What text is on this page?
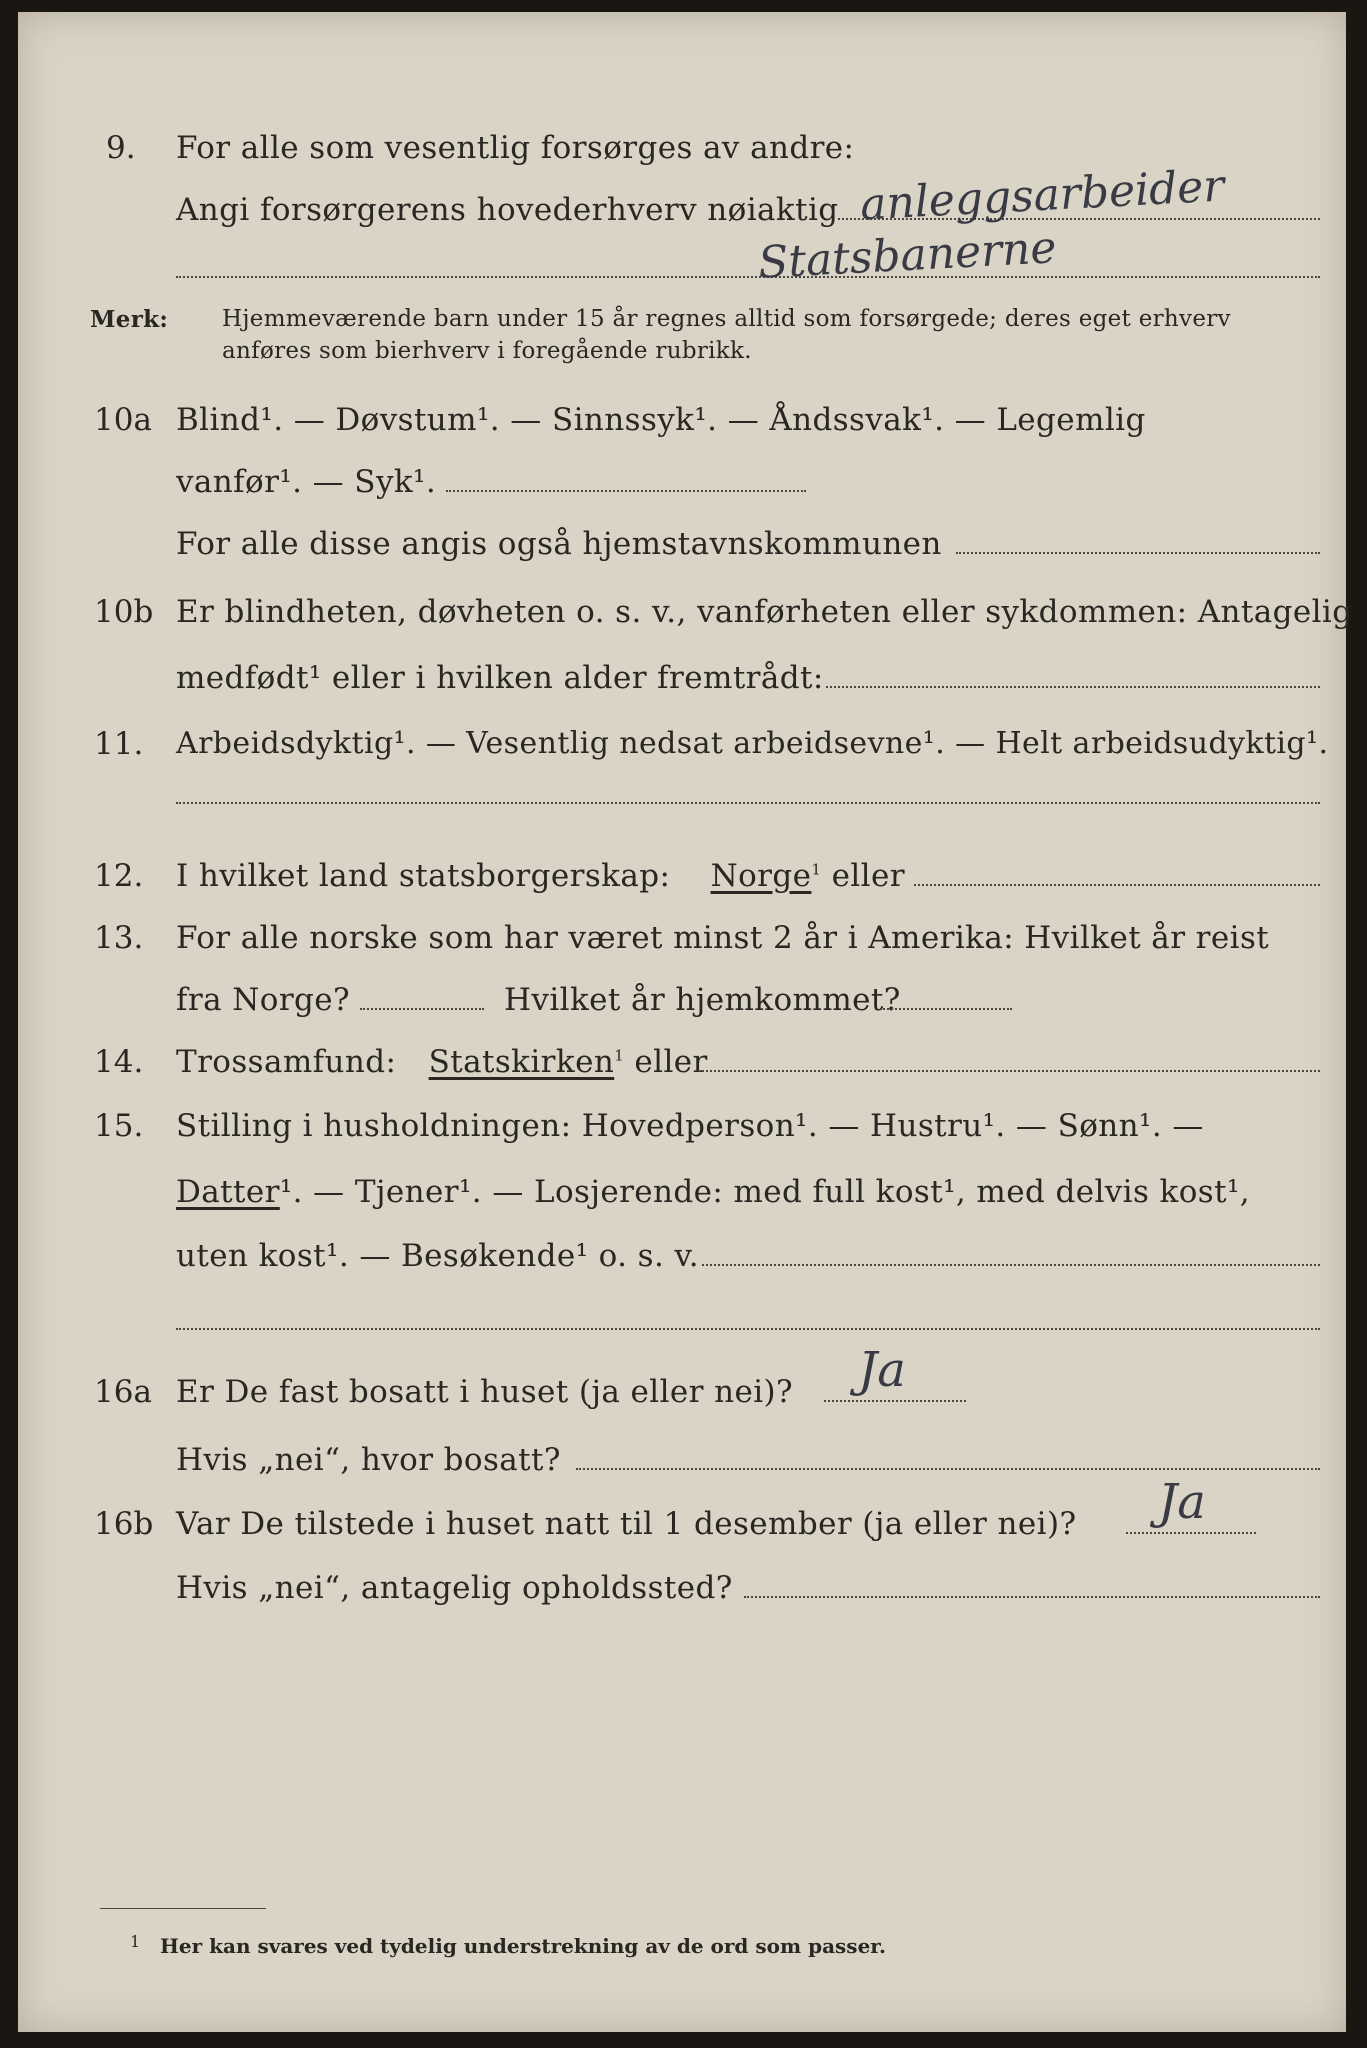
9. For alle som vesentlig forsørges av andre:
Angi forsørgerens hovederhverv nøiaktig anleggsarbeider
Statsbanerne
Merk: Hjemmeværende barn under 15 år regnes alltid som forsørgede; deres eget erhverv
anføres som bierhverv i foregående rubrikk.
10a Blind¹. — Døvstum¹. — Sinnssyk¹. — Åndssvak¹. — Legemlig
vanfør¹. — Syk¹.
For alle disse angis også hjemstavnskommunen
10b Er blindheten, døvheten o. s. v., vanførheten eller sykdommen: Antagelig
medfødt¹ eller i hvilken alder fremtrådt:
11. Arbeidsdyktig¹. — Vesentlig nedsat arbeidsevne¹. — Helt arbeidsudyktig¹.
12. I hvilket land statsborgerskap: Norge$^1$ eller
13. For alle norske som har været minst 2 år i Amerika: Hvilket år reist
fra Norge?	Hvilket år hjemkommet?
14. Trossamfund: Statskirken$^1$ eller
15. Stilling i husholdningen: Hovedperson¹. — Hustru¹. — Sønn¹. —
Datter¹. — Tjener¹. — Losjerende: med full kost¹, med delvis kost¹,
uten kost¹. — Besøkende¹ o. s. v.
16a Er De fast bosatt i huset (ja eller nei)? Ja
Hvis „nei“, hvor bosatt?
16b Var De tilstede i huset natt til 1 desember (ja eller nei)? Ja
Hvis „nei“, antagelig opholdssted?
1 Her kan svares ved tydelig understrekning av de ord som passer.
